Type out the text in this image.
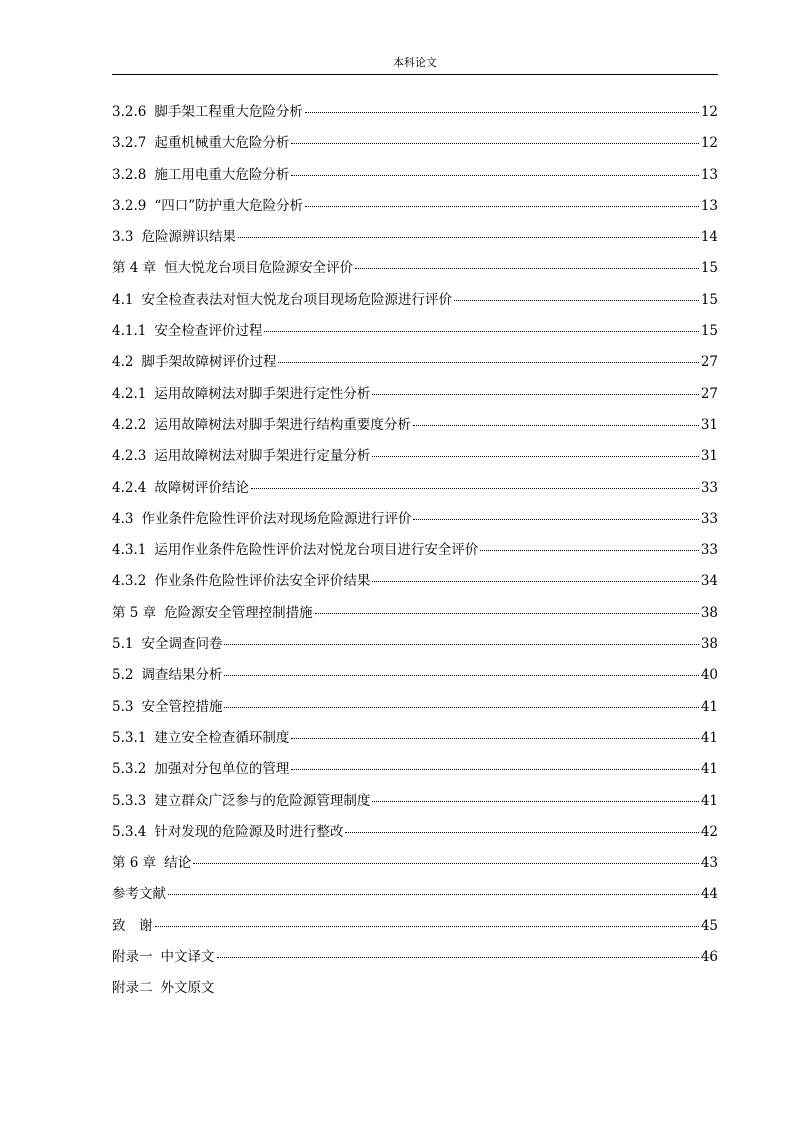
本科论文
3.2.6 脚手架工程重大危险分析	12
3.2.7 起重机械重大危险分析	12
3.2.8 施工用电重大危险分析	13
3.2.9 “四口”防护重大危险分析	13
3.3 危险源辨识结果	14
第 4 章 恒大悦龙台项目危险源安全评价	15
4.1 安全检查表法对恒大悦龙台项目现场危险源进行评价	15
4.1.1 安全检查评价过程	15
4.2 脚手架故障树评价过程	27
4.2.1 运用故障树法对脚手架进行定性分析	27
4.2.2 运用故障树法对脚手架进行结构重要度分析	31
4.2.3 运用故障树法对脚手架进行定量分析	31
4.2.4 故障树评价结论	33
4.3 作业条件危险性评价法对现场危险源进行评价	33
4.3.1 运用作业条件危险性评价法对悦龙台项目进行安全评价	33
4.3.2 作业条件危险性评价法安全评价结果	34
第 5 章 危险源安全管理控制措施	38
5.1 安全调查问卷	38
5.2 调查结果分析	40
5.3 安全管控措施	41
5.3.1 建立安全检查循环制度	41
5.3.2 加强对分包单位的管理	41
5.3.3 建立群众广泛参与的危险源管理制度	41
5.3.4 针对发现的危险源及时进行整改	42
第 6 章 结论	43
参考文献	44
致　谢	45
附录一 中文译文	46
附录二 外文原文
